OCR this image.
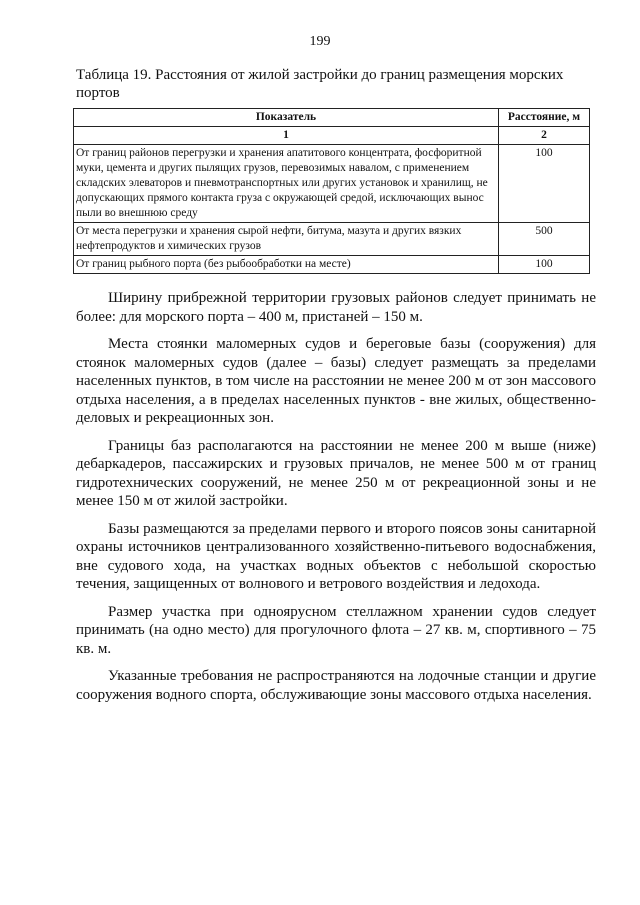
199
Таблица 19. Расстояния от жилой застройки до границ размещения морских портов
Показатель	Расстояние, м
1	2
От границ районов перегрузки и хранения апатитового концентрата, фосфоритной муки, цемента и других пылящих грузов, перевозимых навалом, с применением складских элеваторов и пневмотранспортных или других установок и хранилищ, не допускающих прямого контакта груза с окружающей средой, исключающих вынос пыли во внешнюю среду	100
От места перегрузки и хранения сырой нефти, битума, мазута и других вязких нефтепродуктов и химических грузов	500
От границ рыбного порта (без рыбообработки на месте)	100

Ширину прибрежной территории грузовых районов следует принимать не более: для морского порта – 400 м, пристаней – 150 м.

Места стоянки маломерных судов и береговые базы (сооружения) для стоянок маломерных судов (далее – базы) следует размещать за пределами населенных пунктов, в том числе на расстоянии не менее 200 м от зон массового отдыха населения, а в пределах населенных пунктов - вне жилых, общественно-деловых и рекреационных зон.

Границы баз располагаются на расстоянии не менее 200 м выше (ниже) дебаркадеров, пассажирских и грузовых причалов, не менее 500 м от границ гидротехнических сооружений, не менее 250 м от рекреационной зоны и не менее 150 м от жилой застройки.

Базы размещаются за пределами первого и второго поясов зоны санитарной охраны источников централизованного хозяйственно-питьевого водоснабжения, вне судового хода, на участках водных объектов с небольшой скоростью течения, защищенных от волнового и ветрового воздействия и ледохода.

Размер участка при одноярусном стеллажном хранении судов следует принимать (на одно место) для прогулочного флота – 27 кв. м, спортивного – 75 кв. м.

Указанные требования не распространяются на лодочные станции и другие сооружения водного спорта, обслуживающие зоны массового отдыха населения.
